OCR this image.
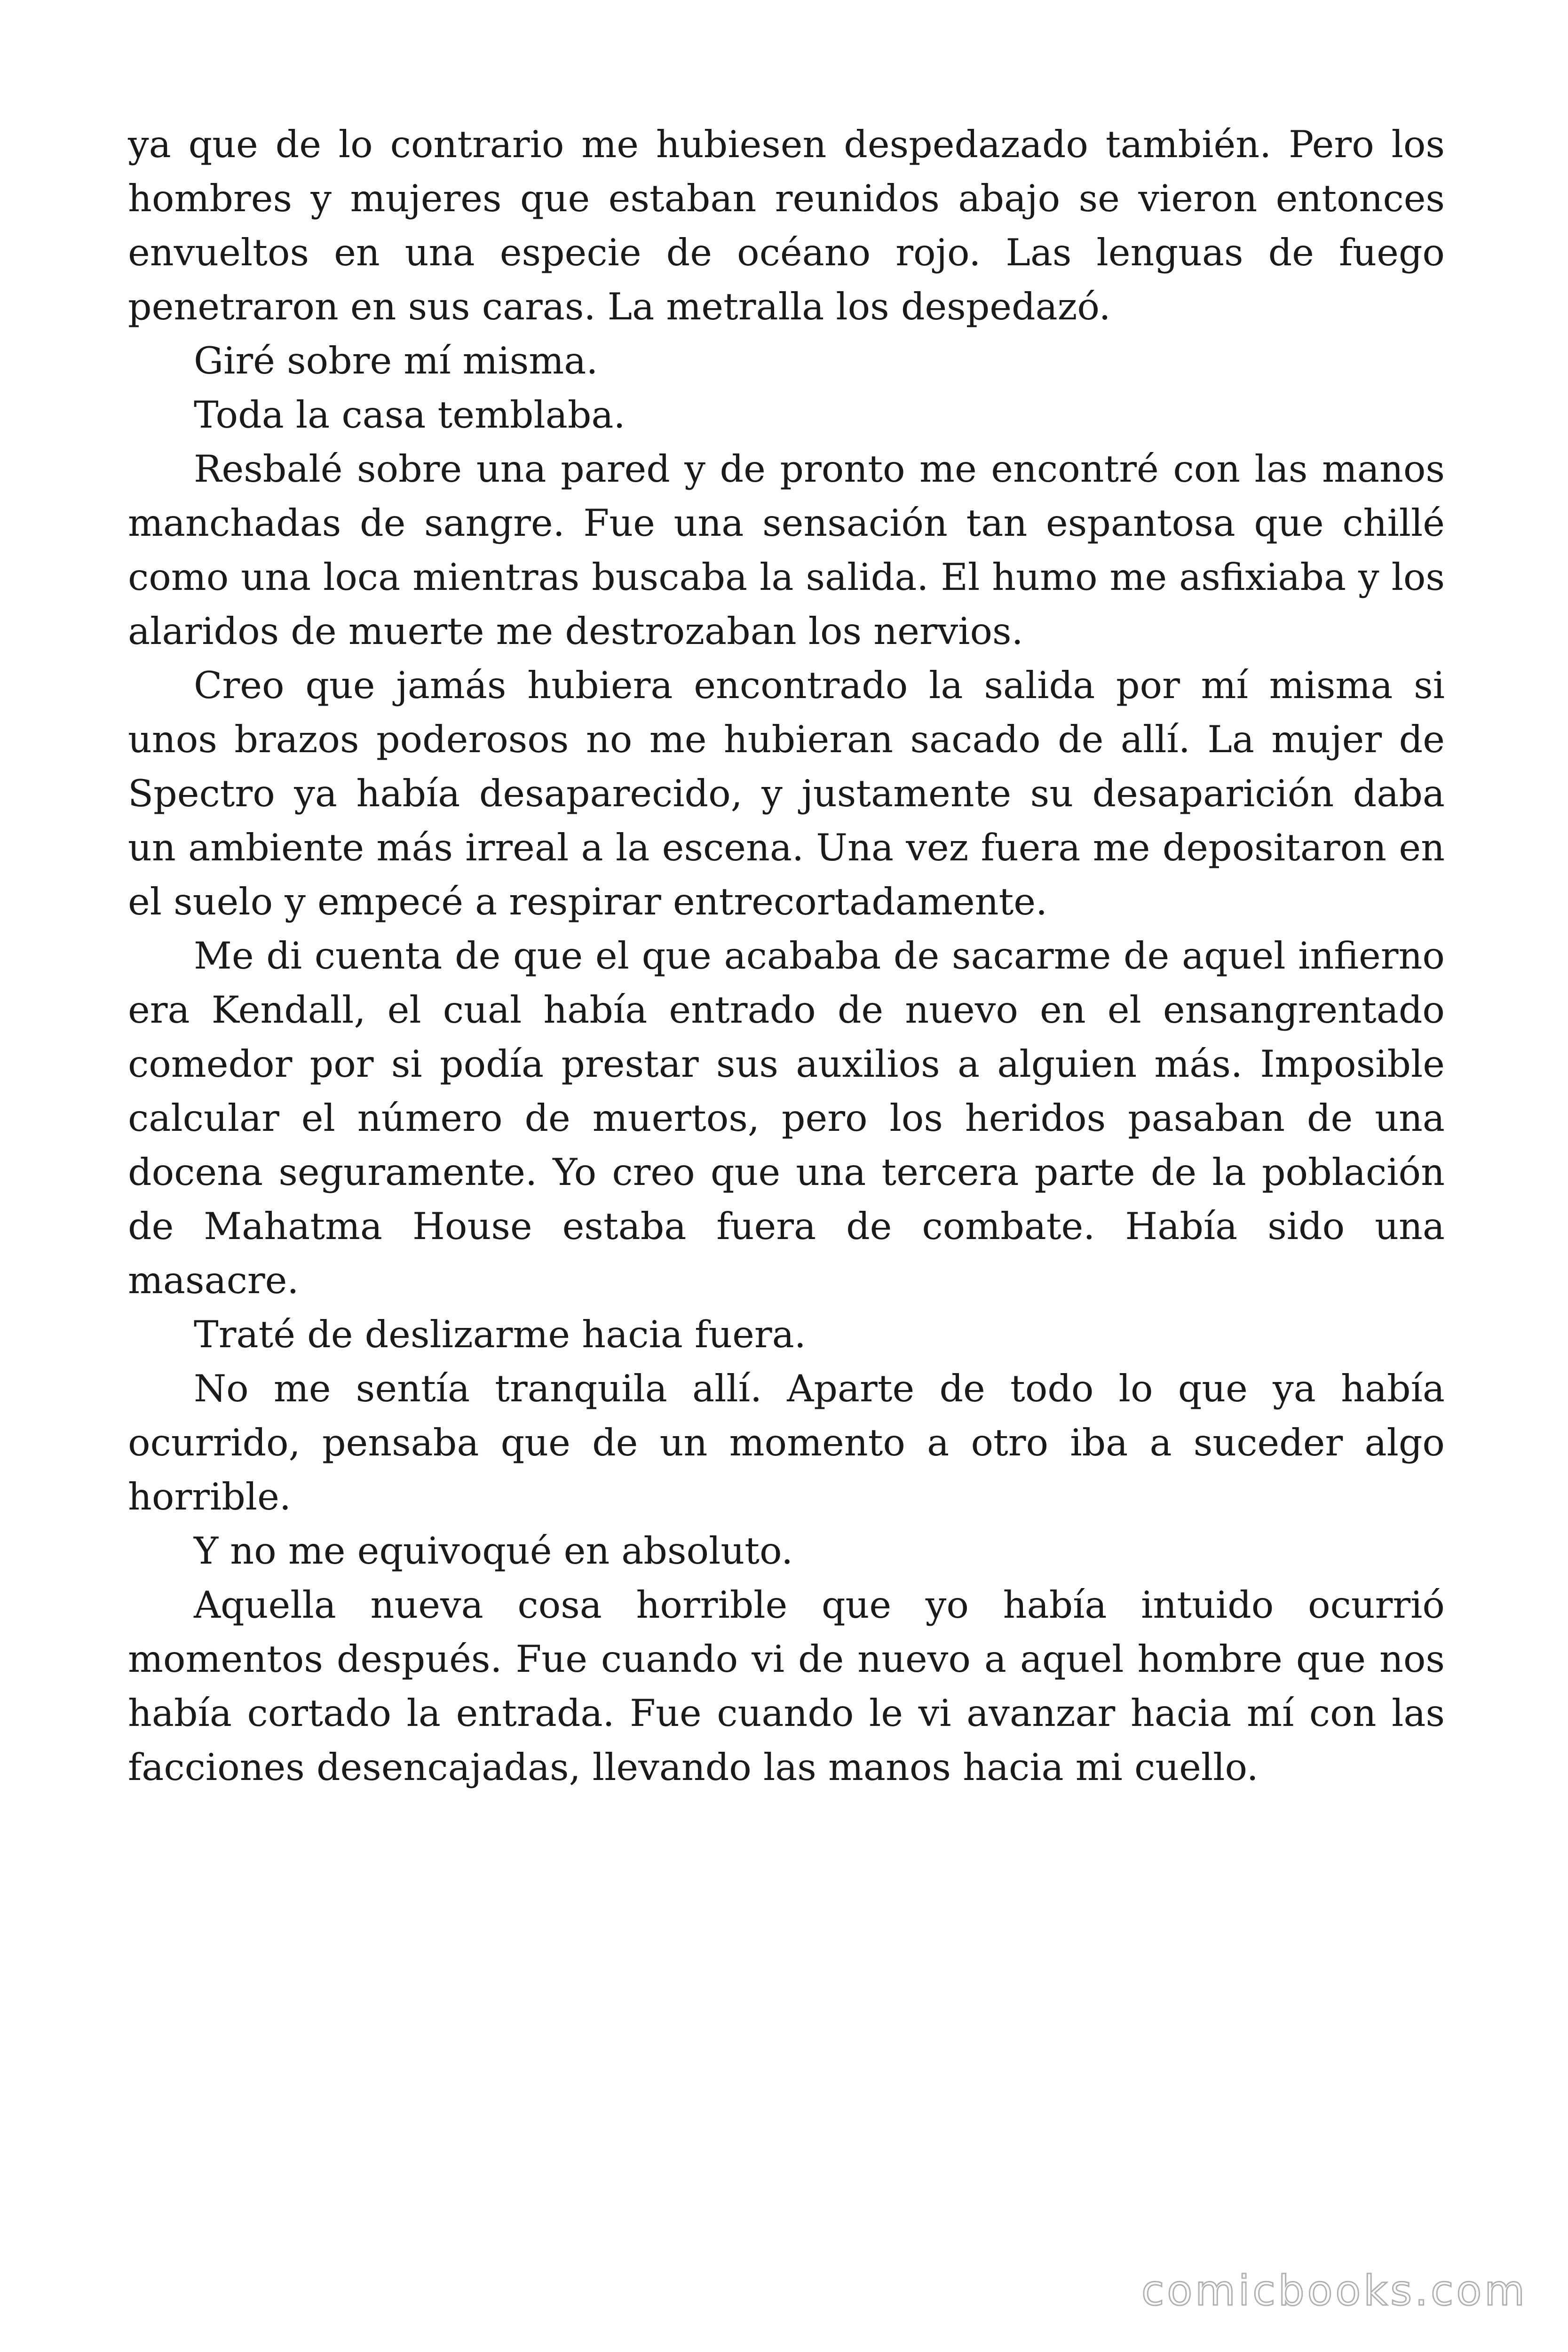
ya que de lo contrario me hubiesen despedazado también. Pero los hombres y mujeres que estaban reunidos abajo se vieron entonces envueltos en una especie de océano rojo. Las lenguas de fuego penetraron en sus caras. La metralla los despedazó.

Giré sobre mí misma.

Toda la casa temblaba.

Resbalé sobre una pared y de pronto me encontré con las manos manchadas de sangre. Fue una sensación tan espantosa que chillé como una loca mientras buscaba la salida. El humo me asfixiaba y los alaridos de muerte me destrozaban los nervios.

Creo que jamás hubiera encontrado la salida por mí misma si unos brazos poderosos no me hubieran sacado de allí. La mujer de Spectro ya había desaparecido, y justamente su desaparición daba un ambiente más irreal a la escena. Una vez fuera me depositaron en el suelo y empecé a respirar entrecortadamente.

Me di cuenta de que el que acababa de sacarme de aquel infierno era Kendall, el cual había entrado de nuevo en el ensangrentado comedor por si podía prestar sus auxilios a alguien más. Imposible calcular el número de muertos, pero los heridos pasaban de una docena seguramente. Yo creo que una tercera parte de la población de Mahatma House estaba fuera de combate. Había sido una masacre.

Traté de deslizarme hacia fuera.

No me sentía tranquila allí. Aparte de todo lo que ya había ocurrido, pensaba que de un momento a otro iba a suceder algo horrible.

Y no me equivoqué en absoluto.

Aquella nueva cosa horrible que yo había intuido ocurrió momentos después. Fue cuando vi de nuevo a aquel hombre que nos había cortado la entrada. Fue cuando le vi avanzar hacia mí con las facciones desencajadas, llevando las manos hacia mi cuello.

comicbooks.com
